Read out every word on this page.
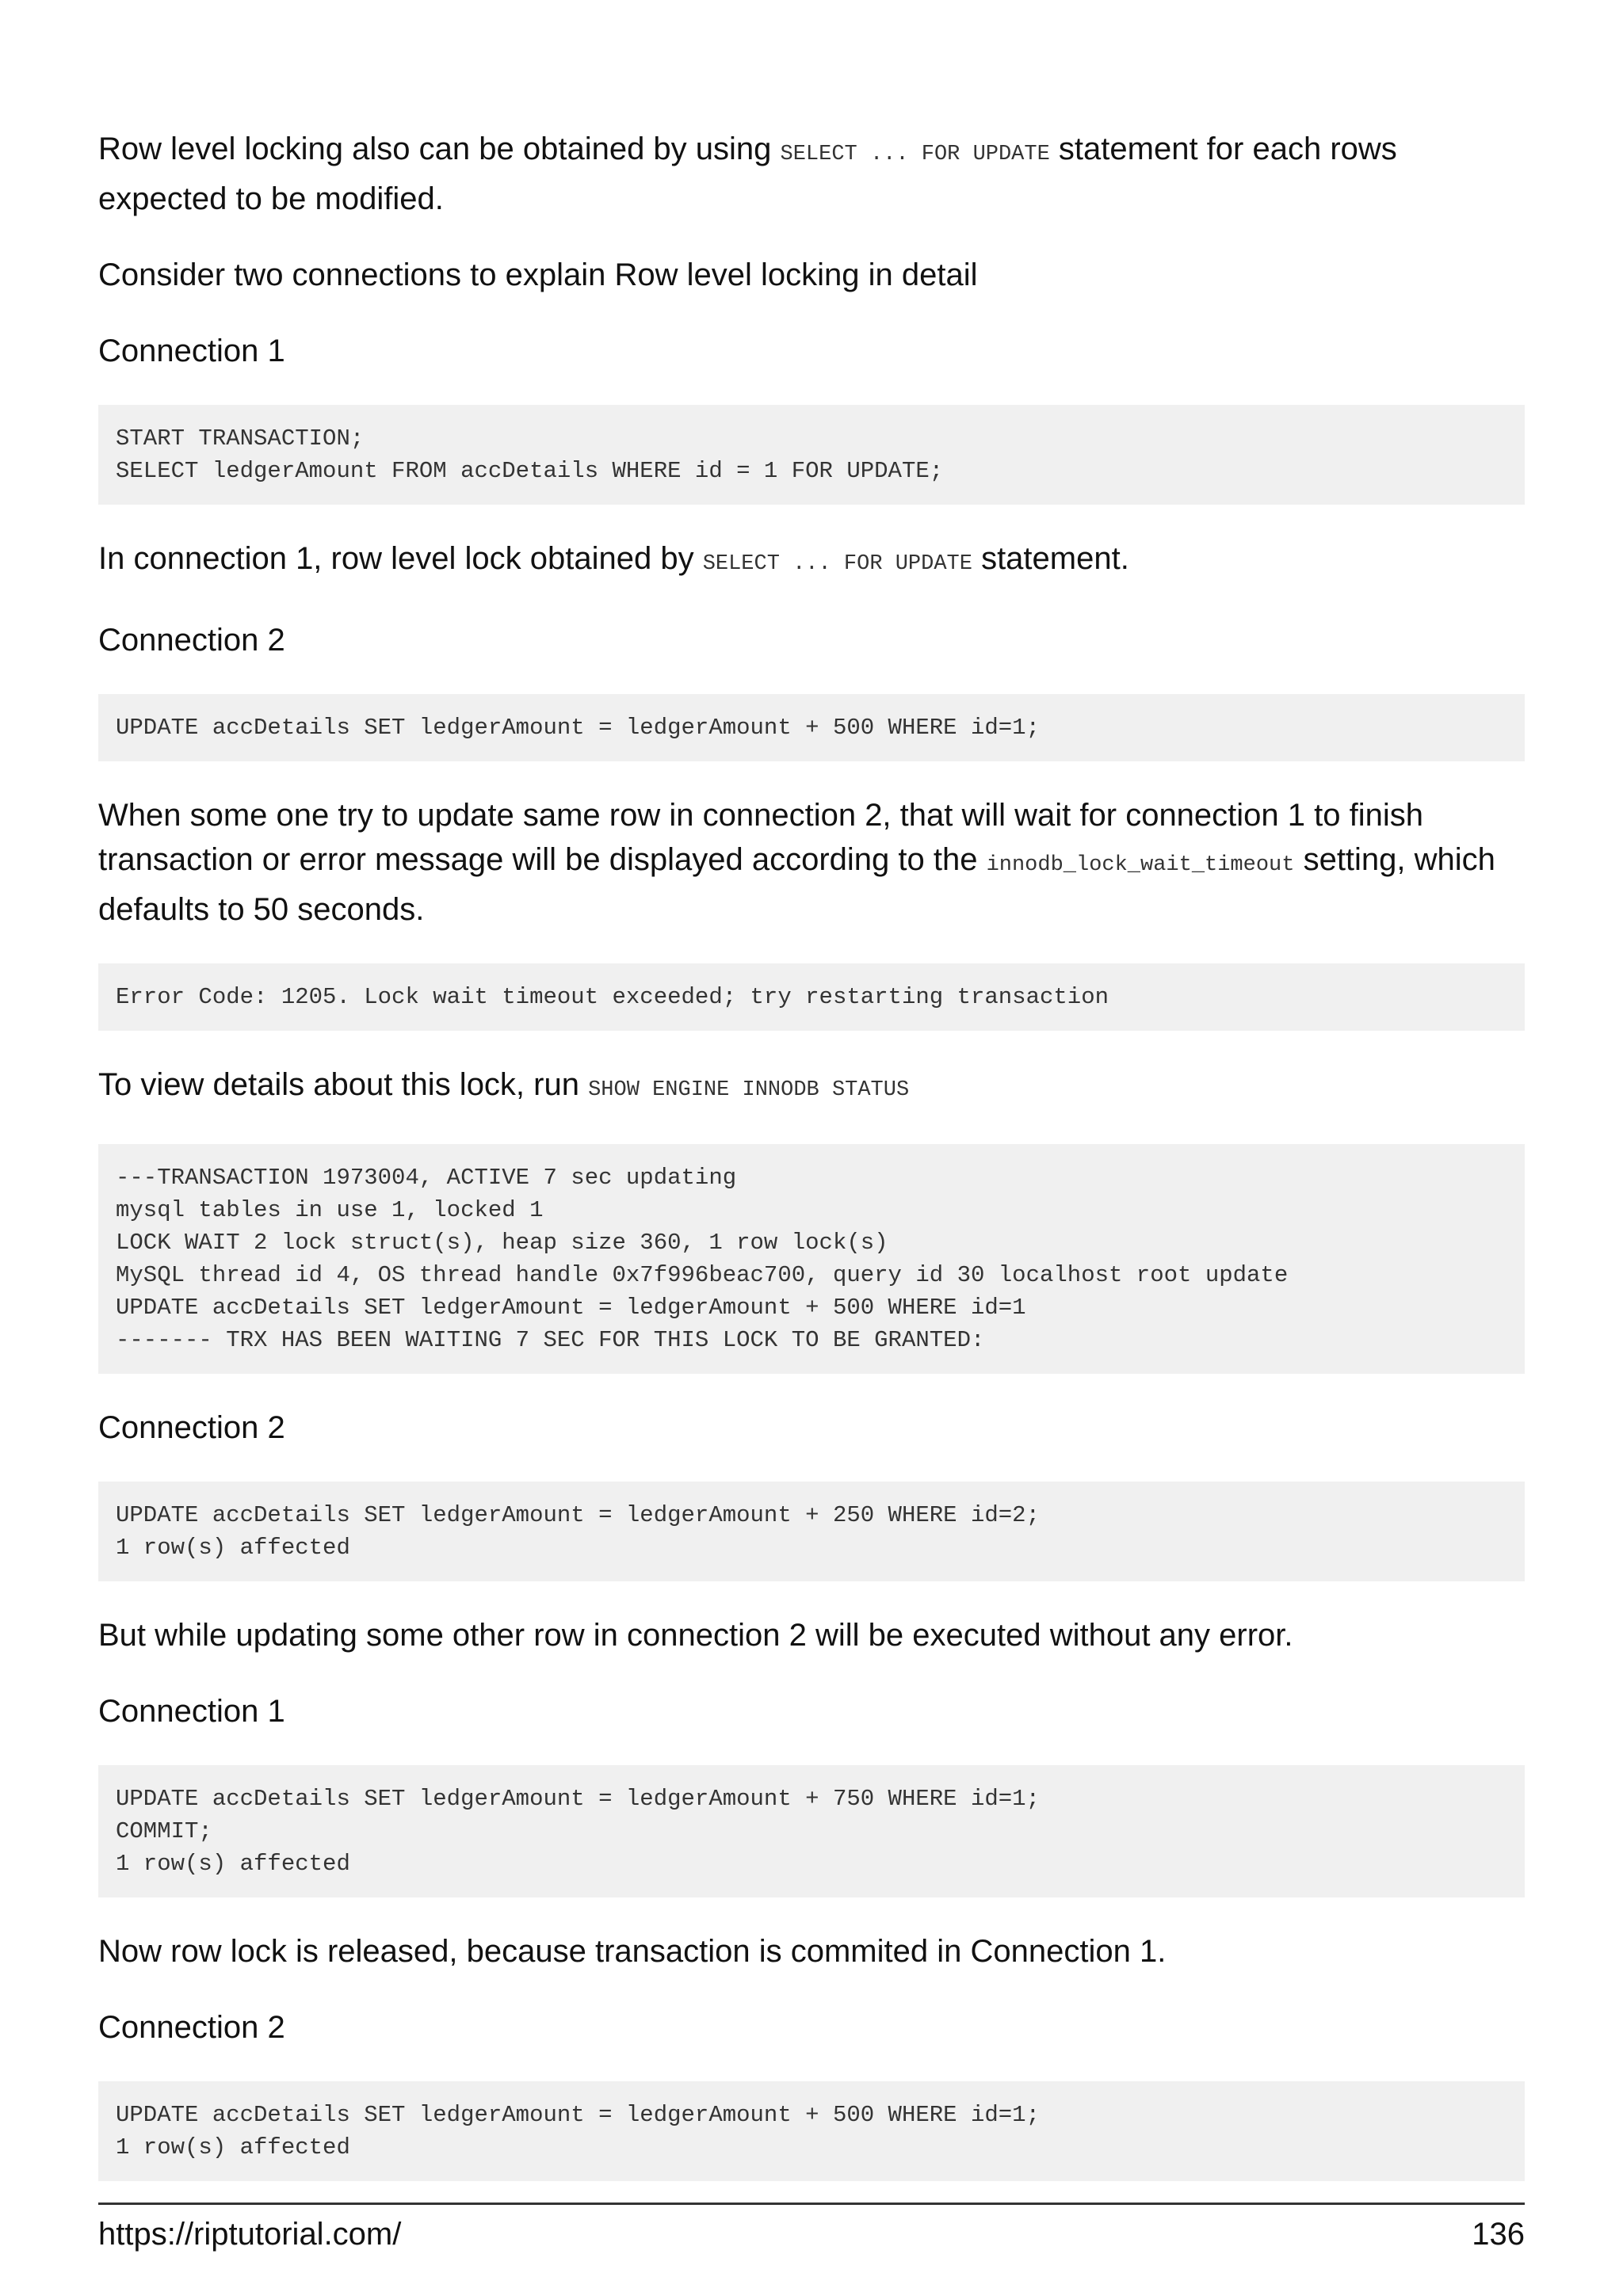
Row level locking also can be obtained by using SELECT ... FOR UPDATE statement for each rows expected to be modified.

Consider two connections to explain Row level locking in detail

Connection 1

START TRANSACTION;
SELECT ledgerAmount FROM accDetails WHERE id = 1 FOR UPDATE;

In connection 1, row level lock obtained by SELECT ... FOR UPDATE statement.

Connection 2

UPDATE accDetails SET ledgerAmount = ledgerAmount + 500 WHERE id=1;

When some one try to update same row in connection 2, that will wait for connection 1 to finish transaction or error message will be displayed according to the innodb_lock_wait_timeout setting, which defaults to 50 seconds.

Error Code: 1205. Lock wait timeout exceeded; try restarting transaction

To view details about this lock, run SHOW ENGINE INNODB STATUS

---TRANSACTION 1973004, ACTIVE 7 sec updating
mysql tables in use 1, locked 1
LOCK WAIT 2 lock struct(s), heap size 360, 1 row lock(s)
MySQL thread id 4, OS thread handle 0x7f996beac700, query id 30 localhost root update
UPDATE accDetails SET ledgerAmount = ledgerAmount + 500 WHERE id=1
------- TRX HAS BEEN WAITING 7 SEC FOR THIS LOCK TO BE GRANTED:

Connection 2

UPDATE accDetails SET ledgerAmount = ledgerAmount + 250 WHERE id=2;
1 row(s) affected

But while updating some other row in connection 2 will be executed without any error.

Connection 1

UPDATE accDetails SET ledgerAmount = ledgerAmount + 750 WHERE id=1;
COMMIT;
1 row(s) affected

Now row lock is released, because transaction is commited in Connection 1.

Connection 2

UPDATE accDetails SET ledgerAmount = ledgerAmount + 500 WHERE id=1;
1 row(s) affected
https://riptutorial.com/	136
